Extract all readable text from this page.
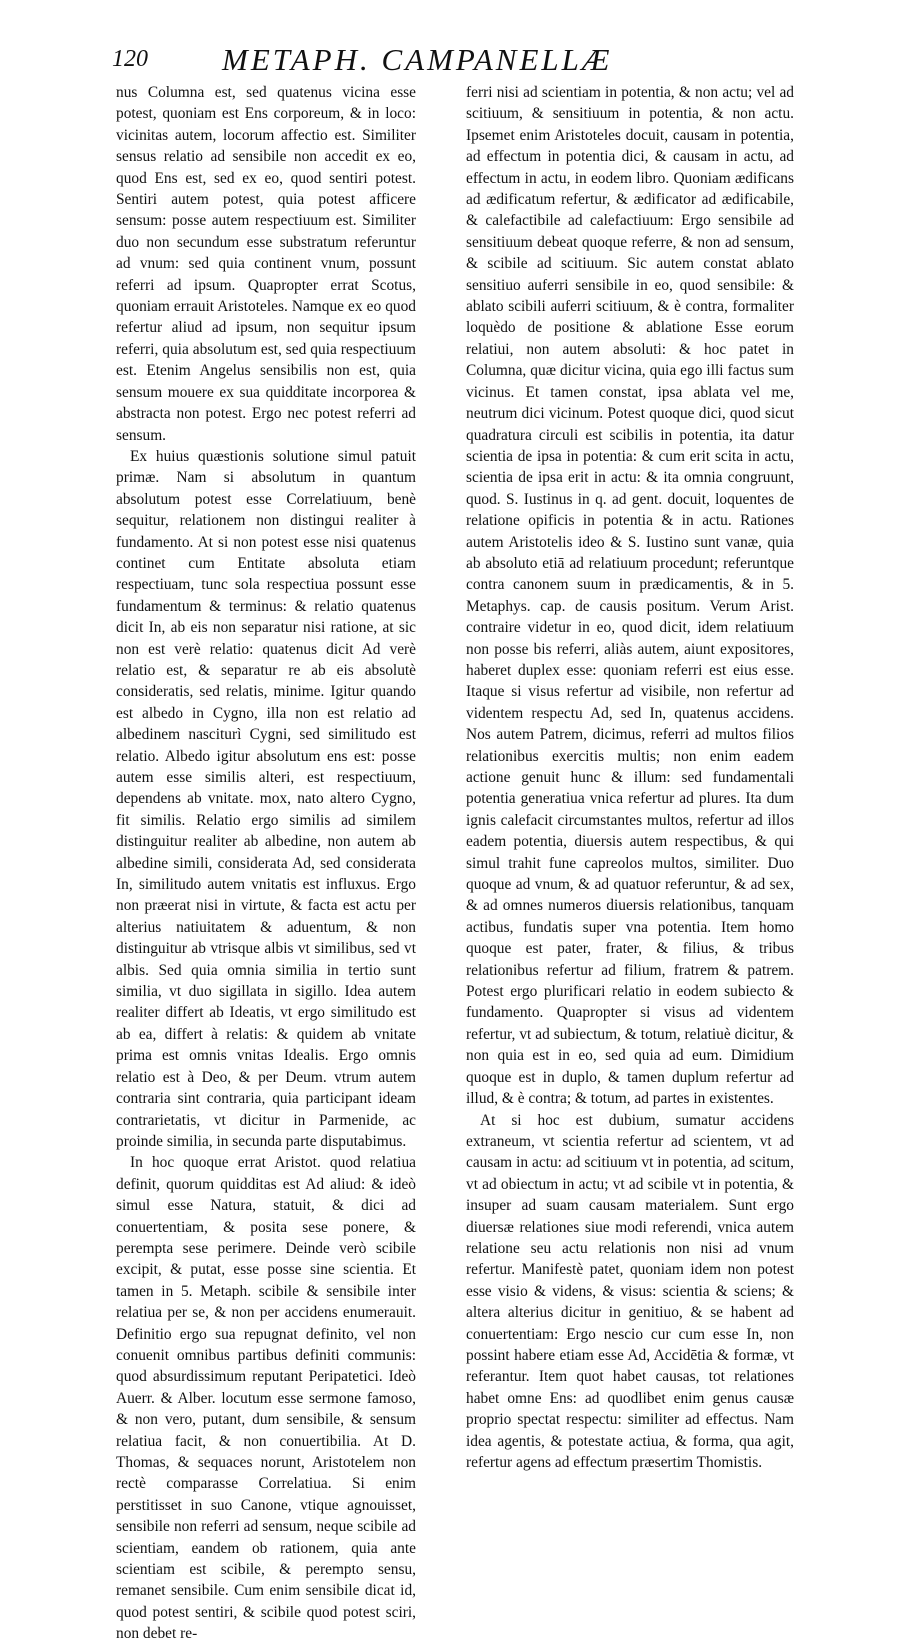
120 METAPH. CAMPANELLÆ

nus Columna est, sed quatenus vicina esse potest, quoniam est Ens corporeum, & in loco: vicinitas autem, locorum affectio est. Similiter sensus relatio ad sensibile non accedit ex eo, quod Ens est, sed ex eo, quod sentiri potest. Sentiri autem potest, quia potest afficere sensum: posse autem respectiuum est. Similiter duo non secundum esse substratum referuntur ad vnum: sed quia continent vnum, possunt referri ad ipsum. Quapropter errat Scotus, quoniam errauit Aristoteles. Namque ex eo quod refertur aliud ad ipsum, non sequitur ipsum referri, quia absolutum est, sed quia respectiuum est. Etenim Angelus sensibilis non est, quia sensum mouere ex sua quidditate incorporea & abstracta non potest. Ergo nec potest referri ad sensum.

Ex huius quæstionis solutione simul patuit primæ. Nam si absolutum in quantum absolutum potest esse Correlatiuum, benè sequitur, relationem non distingui realiter à fundamento. At si non potest esse nisi quatenus continet cum Entitate absoluta etiam respectiuam, tunc sola respectiua possunt esse fundamentum & terminus: & relatio quatenus dicit In, ab eis non separatur nisi ratione, at sic non est verè relatio: quatenus dicit Ad verè relatio est, & separatur re ab eis absolutè consideratis, sed relatis, minime. Igitur quando est albedo in Cygno, illa non est relatio ad albedinem nasciturì Cygni, sed similitudo est relatio. Albedo igitur absolutum ens est: posse autem esse similis alteri, est respectiuum, dependens ab vnitate. mox, nato altero Cygno, fit similis. Relatio ergo similis ad similem distinguitur realiter ab albedine, non autem ab albedine simili, considerata Ad, sed considerata In, similitudo autem vnitatis est influxus. Ergo non præerat nisi in virtute, & facta est actu per alterius natiuitatem & aduentum, & non distinguitur ab vtrisque albis vt similibus, sed vt albis. Sed quia omnia similia in tertio sunt similia, vt duo sigillata in sigillo. Idea autem realiter differt ab Ideatis, vt ergo similitudo est ab ea, differt à relatis: & quidem ab vnitate prima est omnis vnitas Idealis. Ergo omnis relatio est à Deo, & per Deum. vtrum autem contraria sint contraria, quia participant ideam contrarietatis, vt dicitur in Parmenide, ac proinde similia, in secunda parte disputabimus.

In hoc quoque errat Aristot. quod relatiua definit, quorum quidditas est Ad aliud: & ideò simul esse Natura, statuit, & dici ad conuertentiam, & posita sese ponere, & perempta sese perimere. Deinde verò scibile excipit, & putat, esse posse sine scientia. Et tamen in 5. Metaph. scibile & sensibile inter relatiua per se, & non per accidens enumerauit. Definitio ergo sua repugnat definito, vel non conuenit omnibus partibus definiti communis: quod absurdissimum reputant Peripatetici. Ideò Auerr. & Alber. locutum esse sermone famoso, & non vero, putant, dum sensibile, & sensum relatiua facit, & non conuertibilia. At D. Thomas, & sequaces norunt, Aristotelem non rectè comparasse Correlatiua. Si enim perstitisset in suo Canone, vtique agnouisset, sensibile non referri ad sensum, neque scibile ad scientiam, eandem ob rationem, quia ante scientiam est scibile, & perempto sensu, remanet sensibile. Cum enim sensibile dicat id, quod potest sentiri, & scibile quod potest sciri, non debet re-

ferri nisi ad scientiam in potentia, & non actu; vel ad scitiuum, & sensitiuum in potentia, & non actu. Ipsemet enim Aristoteles docuit, causam in potentia, ad effectum in potentia dici, & causam in actu, ad effectum in actu, in eodem libro. Quoniam ædificans ad ædificatum refertur, & ædificator ad ædificabile, & calefactibile ad calefactiuum: Ergo sensibile ad sensitiuum debeat quoque referre, & non ad sensum, & scibile ad scitiuum. Sic autem constat ablato sensitiuo auferri sensibile in eo, quod sensibile: & ablato scibili auferri scitiuum, & è contra, formaliter loquèdo de positione & ablatione Esse eorum relatiui, non autem absoluti: & hoc patet in Columna, quæ dicitur vicina, quia ego illi factus sum vicinus. Et tamen constat, ipsa ablata vel me, neutrum dici vicinum. Potest quoque dici, quod sicut quadratura circuli est scibilis in potentia, ita datur scientia de ipsa in potentia: & cum erit scita in actu, scientia de ipsa erit in actu: & ita omnia congruunt, quod. S. Iustinus in q. ad gent. docuit, loquentes de relatione opificis in potentia & in actu. Rationes autem Aristotelis ideo & S. Iustino sunt vanæ, quia ab absoluto etiā ad relatiuum procedunt; referuntque contra canonem suum in prædicamentis, & in 5. Metaphys. cap. de causis positum. Verum Arist. contraire videtur in eo, quod dicit, idem relatiuum non posse bis referri, aliàs autem, aiunt expositores, haberet duplex esse: quoniam referri est eius esse. Itaque si visus refertur ad visibile, non refertur ad videntem respectu Ad, sed In, quatenus accidens. Nos autem Patrem, dicimus, referri ad multos filios relationibus exercitis multis; non enim eadem actione genuit hunc & illum: sed fundamentali potentia generatiua vnica refertur ad plures. Ita dum ignis calefacit circumstantes multos, refertur ad illos eadem potentia, diuersis autem respectibus, & qui simul trahit fune capreolos multos, similiter. Duo quoque ad vnum, & ad quatuor referuntur, & ad sex, & ad omnes numeros diuersis relationibus, tanquam actibus, fundatis super vna potentia. Item homo quoque est pater, frater, & filius, & tribus relationibus refertur ad filium, fratrem & patrem. Potest ergo plurificari relatio in eodem subiecto & fundamento. Quapropter si visus ad videntem refertur, vt ad subiectum, & totum, relatiuè dicitur, & non quia est in eo, sed quia ad eum. Dimidium quoque est in duplo, & tamen duplum refertur ad illud, & è contra; & totum, ad partes in existentes.

At si hoc est dubium, sumatur accidens extraneum, vt scientia refertur ad scientem, vt ad causam in actu: ad scitiuum vt in potentia, ad scitum, vt ad obiectum in actu; vt ad scibile vt in potentia, & insuper ad suam causam materialem. Sunt ergo diuersæ relationes siue modi referendi, vnica autem relatione seu actu relationis non nisi ad vnum refertur. Manifestè patet, quoniam idem non potest esse visio & videns, & visus: scientia & sciens; & altera alterius dicitur in genitiuo, & se habent ad conuertentiam: Ergo nescio cur cum esse In, non possint habere etiam esse Ad, Accidētia & formæ, vt referantur. Item quot habet causas, tot relationes habet omne Ens: ad quodlibet enim genus causæ proprio spectat respectu: similiter ad effectus. Nam idea agentis, & potestate actiua, & forma, qua agit, refertur agens ad effectum præsertim Thomistis.
